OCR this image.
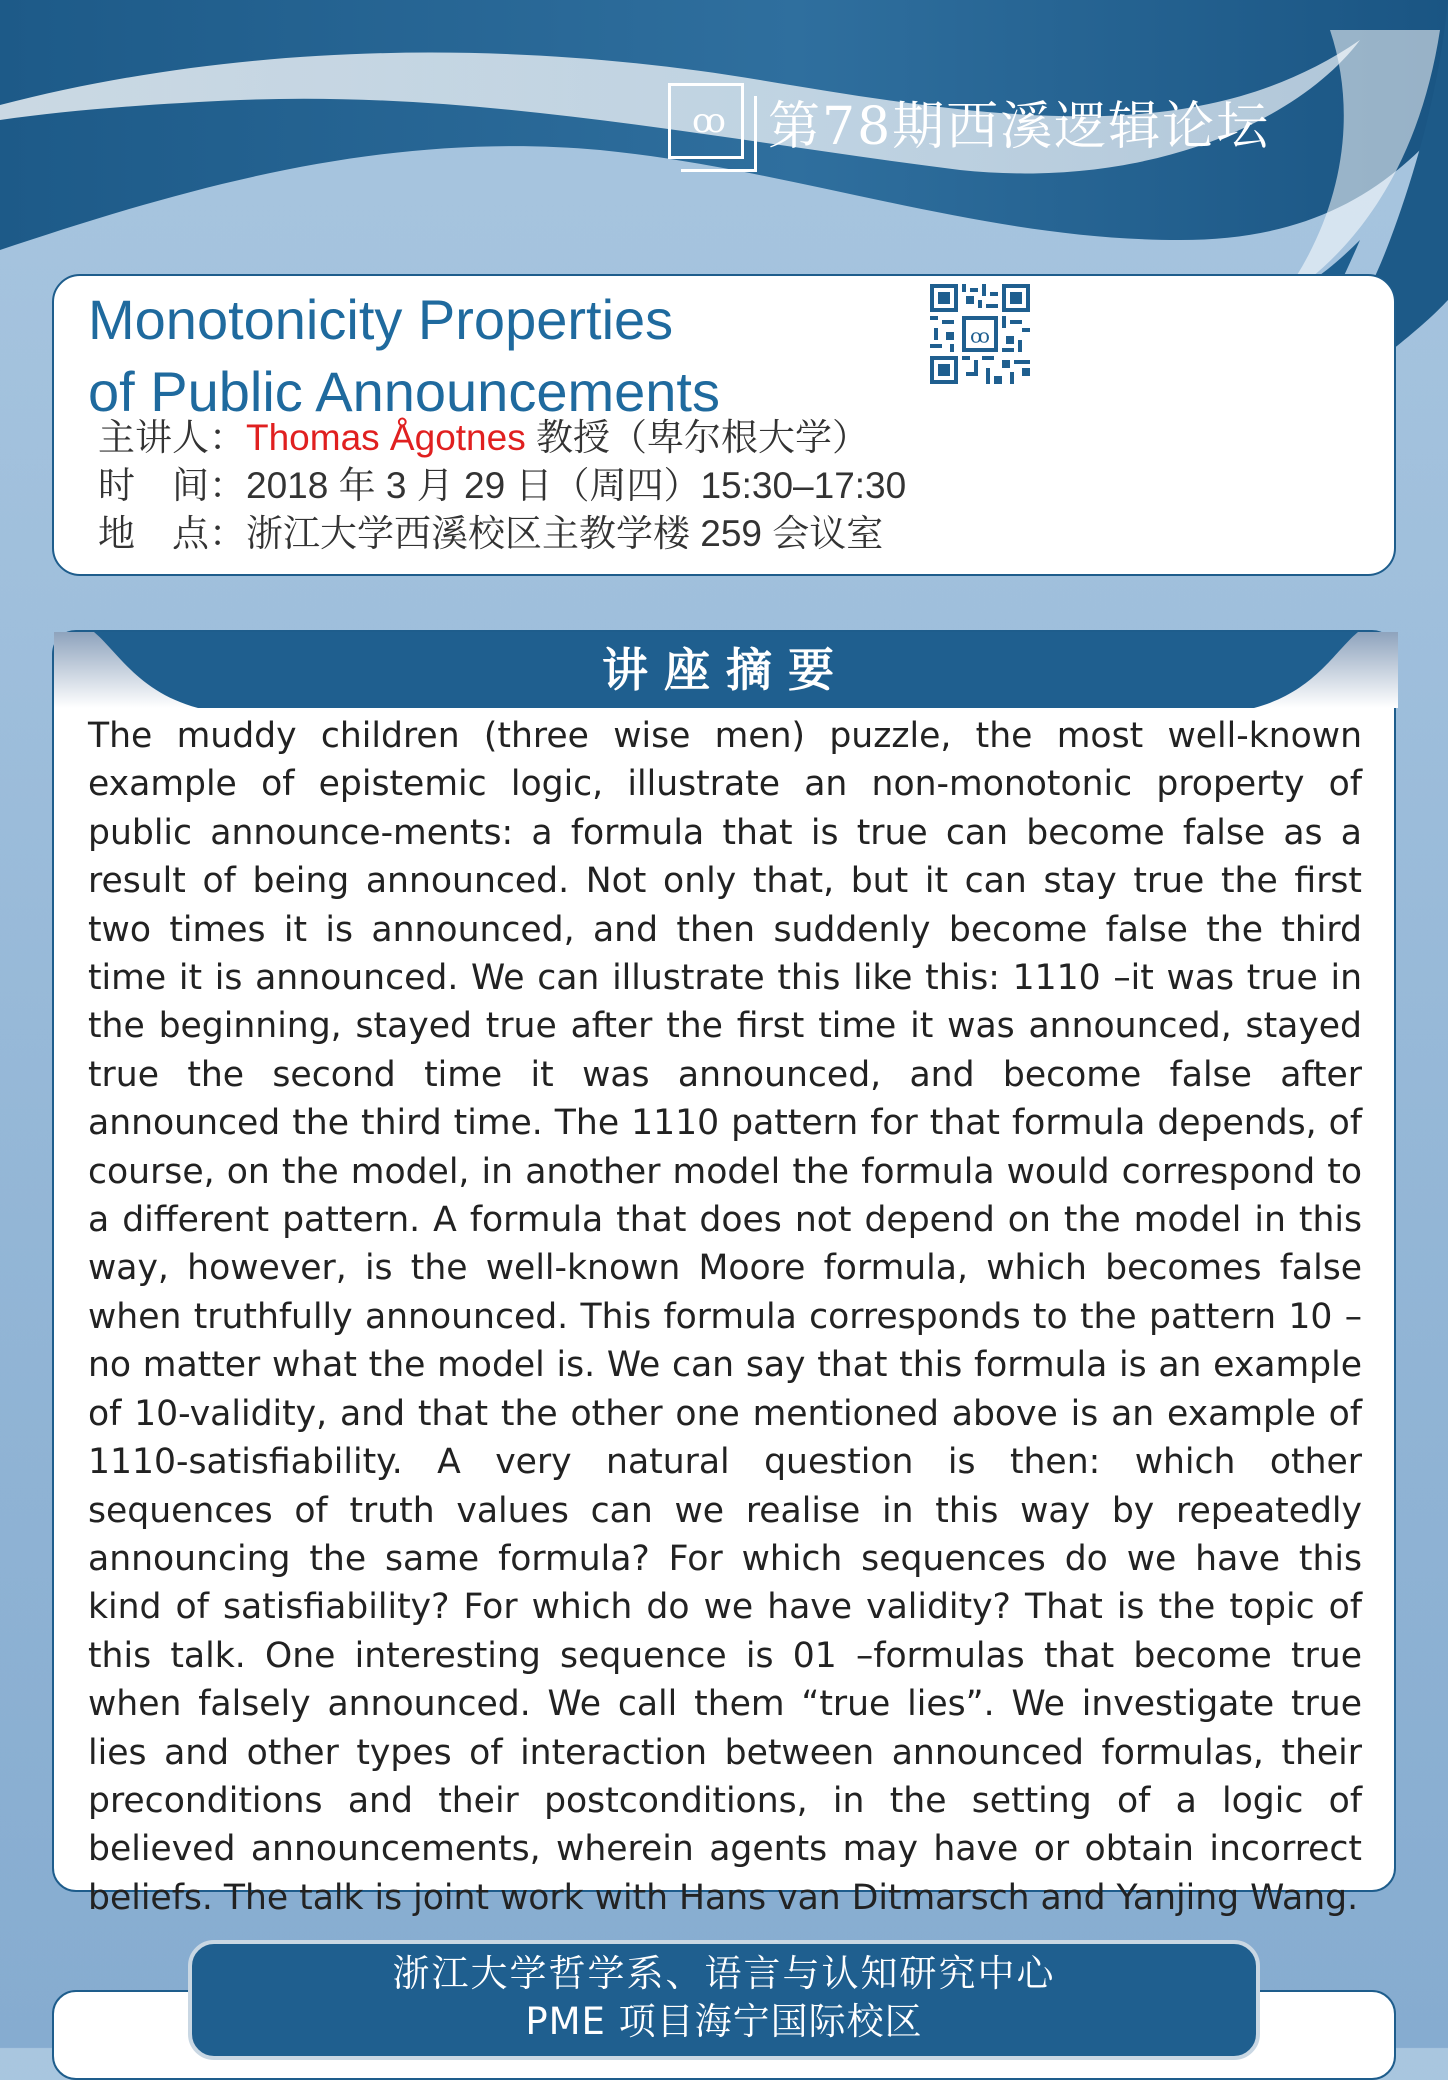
ꝏ 第78期西溪逻辑论坛
Monotonicity Properties
of Public Announcements
ꝏ
主讲人：Thomas Ågotnes 教授（卑尔根大学）
时　间：2018 年 3 月 29 日（周四）15:30–17:30
地　点：浙江大学西溪校区主教学楼 259 会议室
讲座摘要

The muddy children (three wise men) puzzle, the most well-known example of epistemic logic, illustrate an non-monotonic property of public announce-ments: a formula that is true can become false as a result of being announced. Not only that, but it can stay true the first two times it is announced, and then suddenly become false the third time it is announced. We can illustrate this like this: 1110 –it was true in the beginning, stayed true after the first time it was announced, stayed true the second time it was announced, and become false after announced the third time. The 1110 pattern for that formula depends, of course, on the model, in another model the formula would correspond to a different pattern. A formula that does not depend on the model in this way, however, is the well-known Moore formula, which becomes false when truthfully announced. This formula corresponds to the pattern 10 –no matter what the model is. We can say that this formula is an example of 10-validity, and that the other one mentioned above is an example of 1110-satisfiability. A very natural question is then: which other sequences of truth values can we realise in this way by repeatedly announcing the same formula? For which sequences do we have this kind of satisfiability? For which do we have validity? That is the topic of this talk. One interesting sequence is 01 –formulas that become true when falsely announced. We call them “true lies”. We investigate true lies and other types of interaction between announced formulas, their preconditions and their postconditions, in the setting of a logic of believed announcements, wherein agents may have or obtain incorrect beliefs. The talk is joint work with Hans van Ditmarsch and Yanjing Wang.

浙江大学哲学系、语言与认知研究中心
PME 项目海宁国际校区
